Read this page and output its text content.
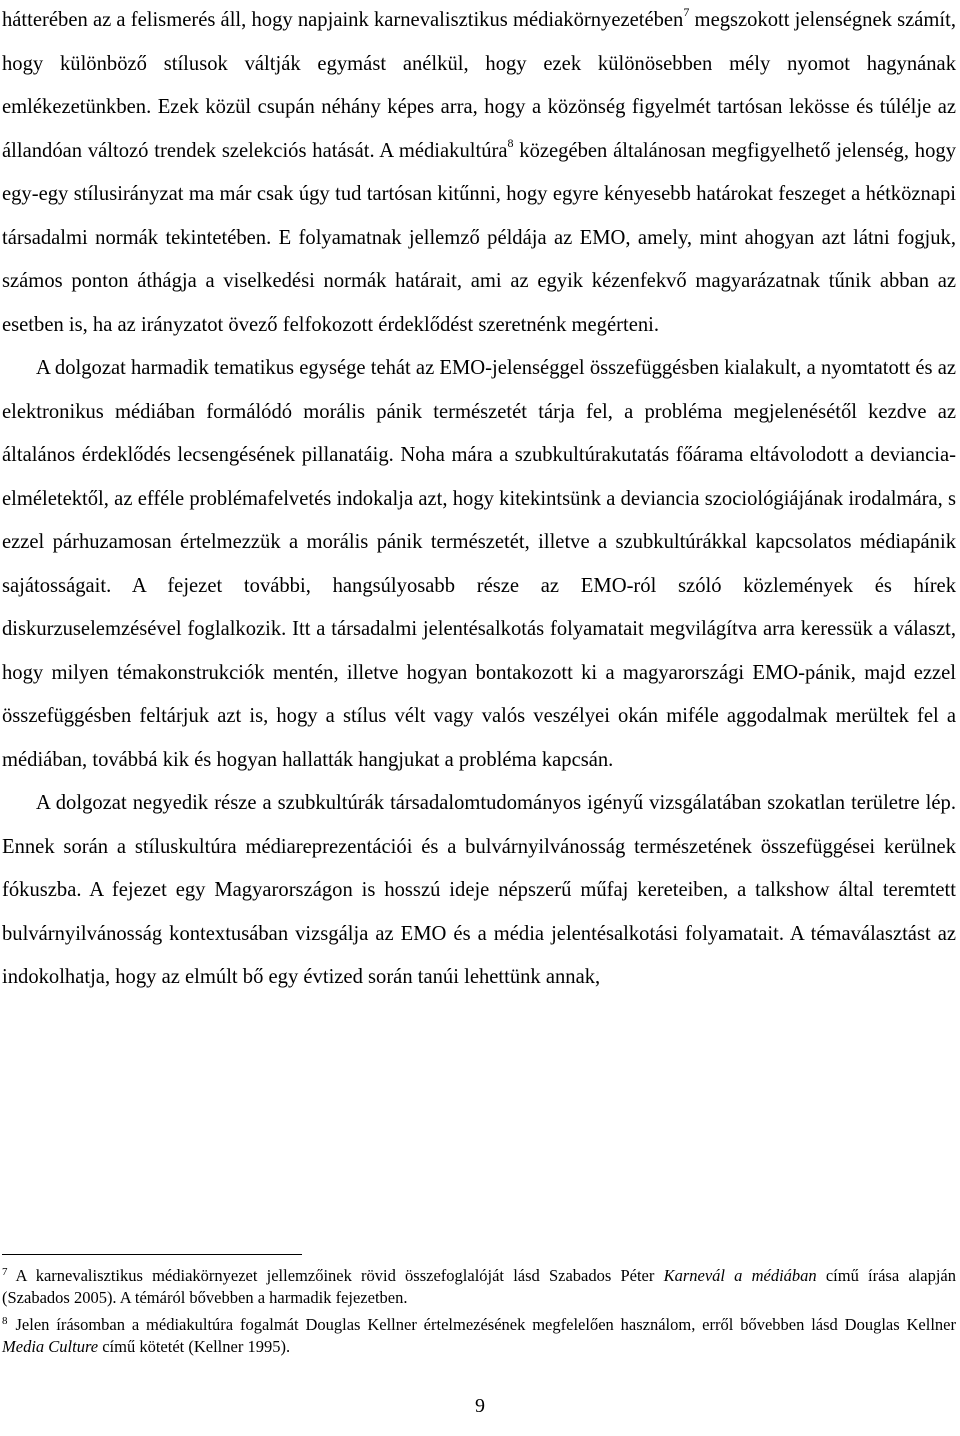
hátterében az a felismerés áll, hogy napjaink karnevalisztikus médiakörnyezetében$^7$ megszokott jelenségnek számít, hogy különböző stílusok váltják egymást anélkül, hogy ezek különösebben mély nyomot hagynának emlékezetünkben. Ezek közül csupán néhány képes arra, hogy a közönség figyelmét tartósan lekösse és túlélje az állandóan változó trendek szelekciós hatását. A médiakultúra$^8$ közegében általánosan megfigyelhető jelenség, hogy egy-egy stílusirányzat ma már csak úgy tud tartósan kitűnni, hogy egyre kényesebb határokat feszeget a hétköznapi társadalmi normák tekintetében. E folyamatnak jellemző példája az EMO, amely, mint ahogyan azt látni fogjuk, számos ponton áthágja a viselkedési normák határait, ami az egyik kézenfekvő magyarázatnak tűnik abban az esetben is, ha az irányzatot övező felfokozott érdeklődést szeretnénk megérteni.

A dolgozat harmadik tematikus egysége tehát az EMO-jelenséggel összefüggésben kialakult, a nyomtatott és az elektronikus médiában formálódó morális pánik természetét tárja fel, a probléma megjelenésétől kezdve az általános érdeklődés lecsengésének pillanatáig. Noha mára a szubkultúrakutatás főárama eltávolodott a deviancia-elméletektől, az efféle problémafelvetés indokalja azt, hogy kitekintsünk a deviancia szociológiájának irodalmára, s ezzel párhuzamosan értelmezzük a morális pánik természetét, illetve a szubkultúrákkal kapcsolatos médiapánik sajátosságait. A fejezet további, hangsúlyosabb része az EMO-ról szóló közlemények és hírek diskurzuselemzésével foglalkozik. Itt a társadalmi jelentésalkotás folyamatait megvilágítva arra keressük a választ, hogy milyen témakonstrukciók mentén, illetve hogyan bontakozott ki a magyarországi EMO-pánik, majd ezzel összefüggésben feltárjuk azt is, hogy a stílus vélt vagy valós veszélyei okán miféle aggodalmak merültek fel a médiában, továbbá kik és hogyan hallatták hangjukat a probléma kapcsán.

A dolgozat negyedik része a szubkultúrák társadalomtudományos igényű vizsgálatában szokatlan területre lép. Ennek során a stíluskultúra médiareprezentációi és a bulvárnyilvánosság természetének összefüggései kerülnek fókuszba. A fejezet egy Magyarországon is hosszú ideje népszerű műfaj kereteiben, a talkshow által teremtett bulvárnyilvánosság kontextusában vizsgálja az EMO és a média jelentésalkotási folyamatait. A témaválasztást az indokolhatja, hogy az elmúlt bő egy évtized során tanúi lehettünk annak,

$^7$ A karnevalisztikus médiakörnyezet jellemzőinek rövid összefoglalóját lásd Szabados Péter Karnevál a médiában című írása alapján (Szabados 2005). A témáról bővebben a harmadik fejezetben.

$^8$ Jelen írásomban a médiakultúra fogalmát Douglas Kellner értelmezésének megfelelően használom, erről bővebben lásd Douglas Kellner Media Culture című kötetét (Kellner 1995).

9
